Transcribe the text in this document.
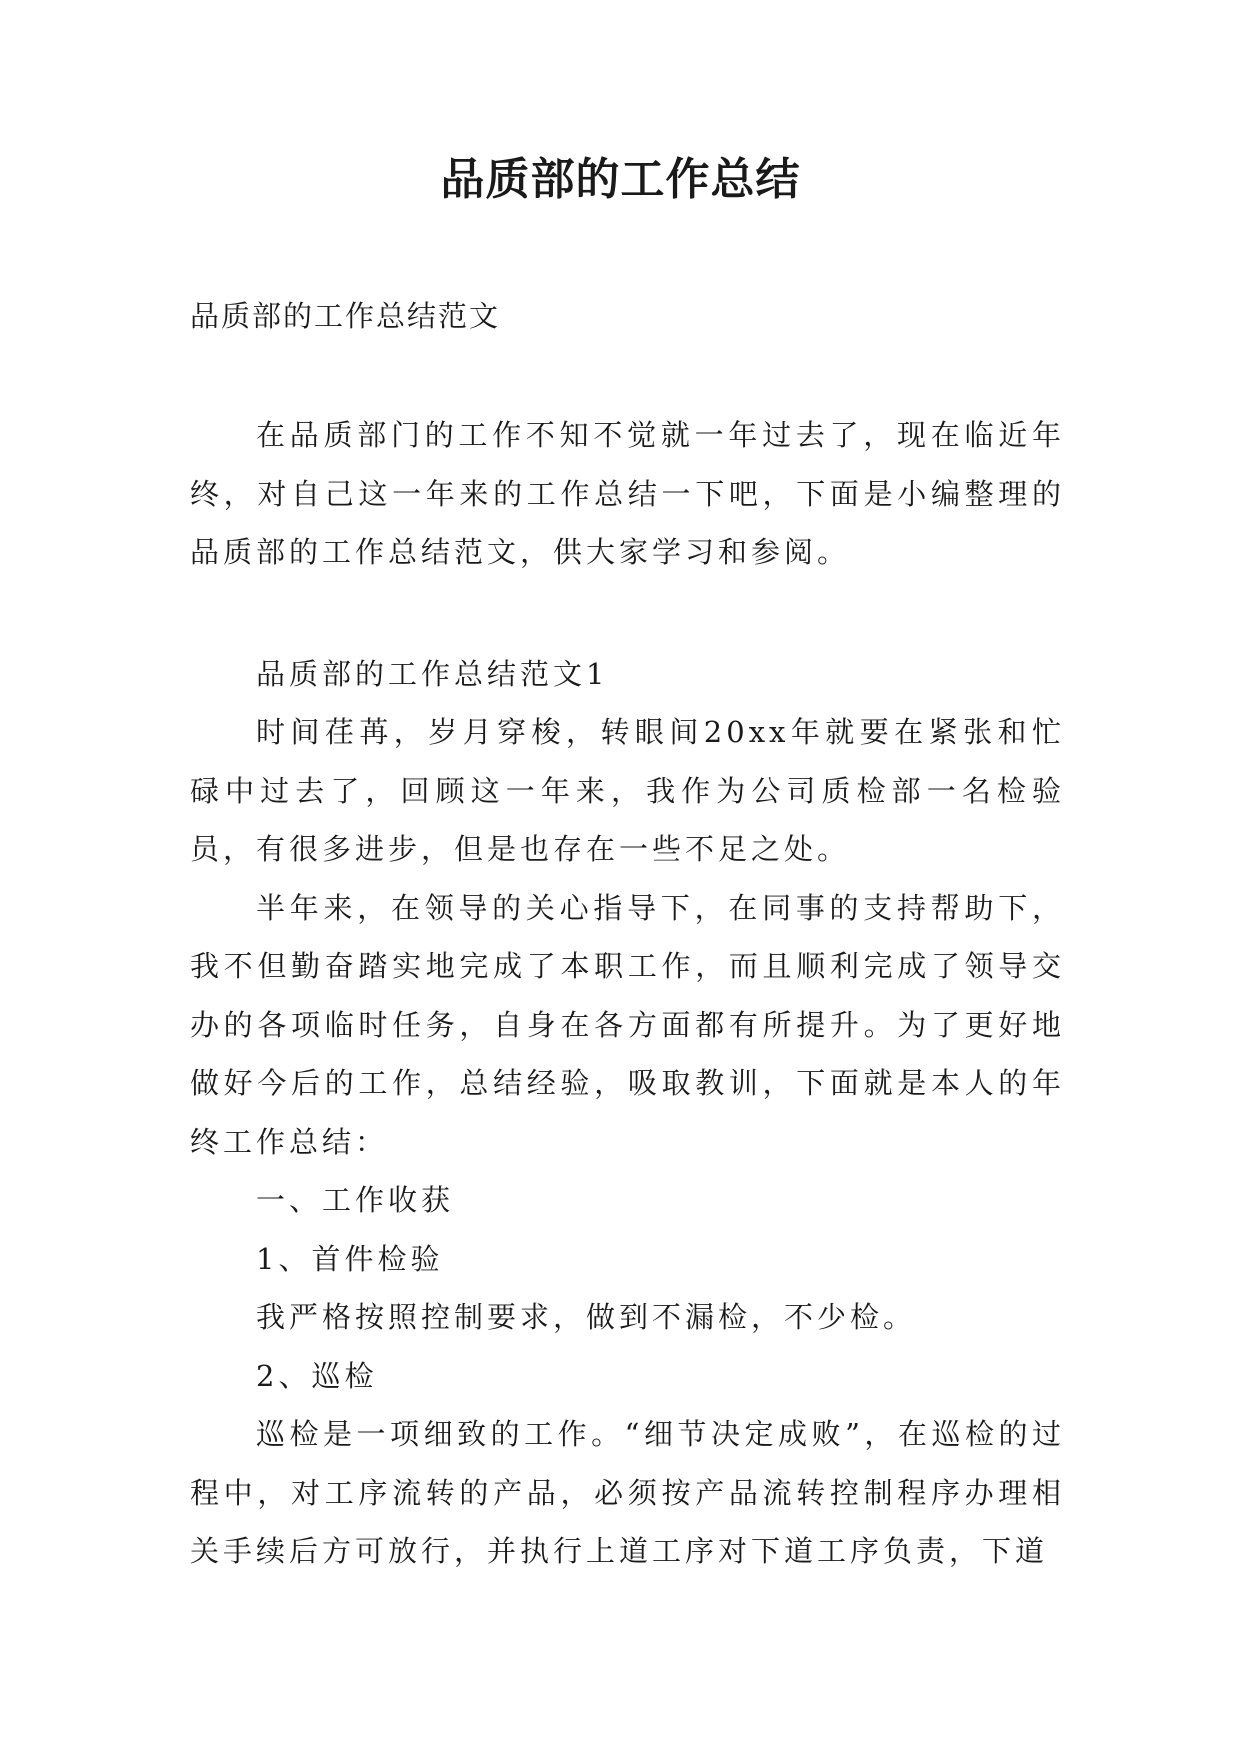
品质部的工作总结
品质部的工作总结范文

在品质部门的工作不知不觉就一年过去了，现在临近年终，对自己这一年来的工作总结一下吧，下面是小编整理的品质部的工作总结范文，供大家学习和参阅。

品质部的工作总结范文1

时间荏苒，岁月穿梭，转眼间20xx年就要在紧张和忙碌中过去了，回顾这一年来，我作为公司质检部一名检验员，有很多进步，但是也存在一些不足之处。

半年来，在领导的关心指导下，在同事的支持帮助下，我不但勤奋踏实地完成了本职工作，而且顺利完成了领导交办的各项临时任务，自身在各方面都有所提升。为了更好地做好今后的工作，总结经验，吸取教训，下面就是本人的年终工作总结：

一、工作收获

1、首件检验

我严格按照控制要求，做到不漏检，不少检。

2、巡检

巡检是一项细致的工作。“细节决定成败”，在巡检的过程中，对工序流转的产品，必须按产品流转控制程序办理相关手续后方可放行，并执行上道工序对下道工序负责，下道
